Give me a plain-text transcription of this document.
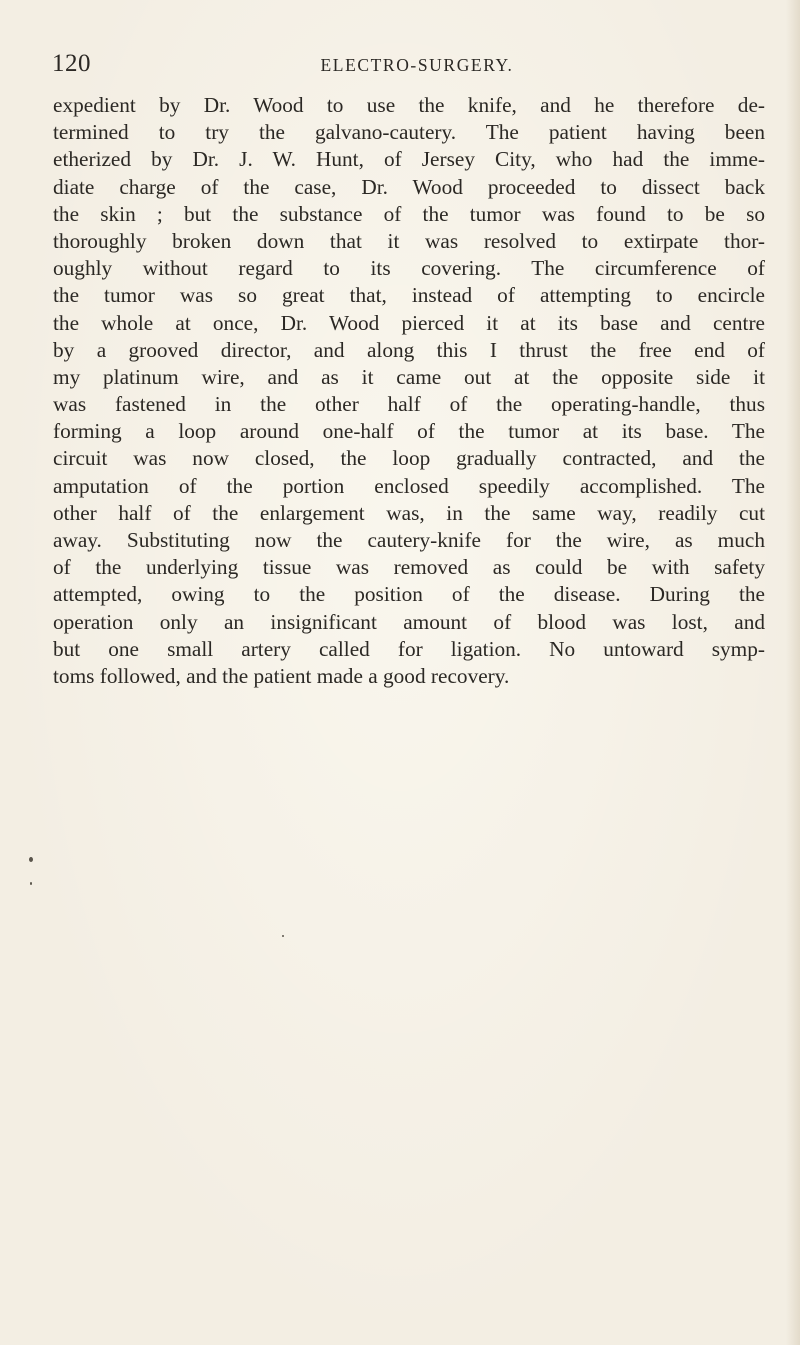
120	ELECTRO-SURGERY.
expedient by Dr. Wood to use the knife, and he therefore de-
termined to try the galvano-cautery. The patient having been
etherized by Dr. J. W. Hunt, of Jersey City, who had the imme-
diate charge of the case, Dr. Wood proceeded to dissect back
the skin ; but the substance of the tumor was found to be so
thoroughly broken down that it was resolved to extirpate thor-
oughly without regard to its covering. The circumference of
the tumor was so great that, instead of attempting to encircle
the whole at once, Dr. Wood pierced it at its base and centre
by a grooved director, and along this I thrust the free end of
my platinum wire, and as it came out at the opposite side it
was fastened in the other half of the operating-handle, thus
forming a loop around one-half of the tumor at its base. The
circuit was now closed, the loop gradually contracted, and the
amputation of the portion enclosed speedily accomplished. The
other half of the enlargement was, in the same way, readily cut
away. Substituting now the cautery-knife for the wire, as much
of the underlying tissue was removed as could be with safety
attempted, owing to the position of the disease. During the
operation only an insignificant amount of blood was lost, and
but one small artery called for ligation. No untoward symp-
toms followed, and the patient made a good recovery.
